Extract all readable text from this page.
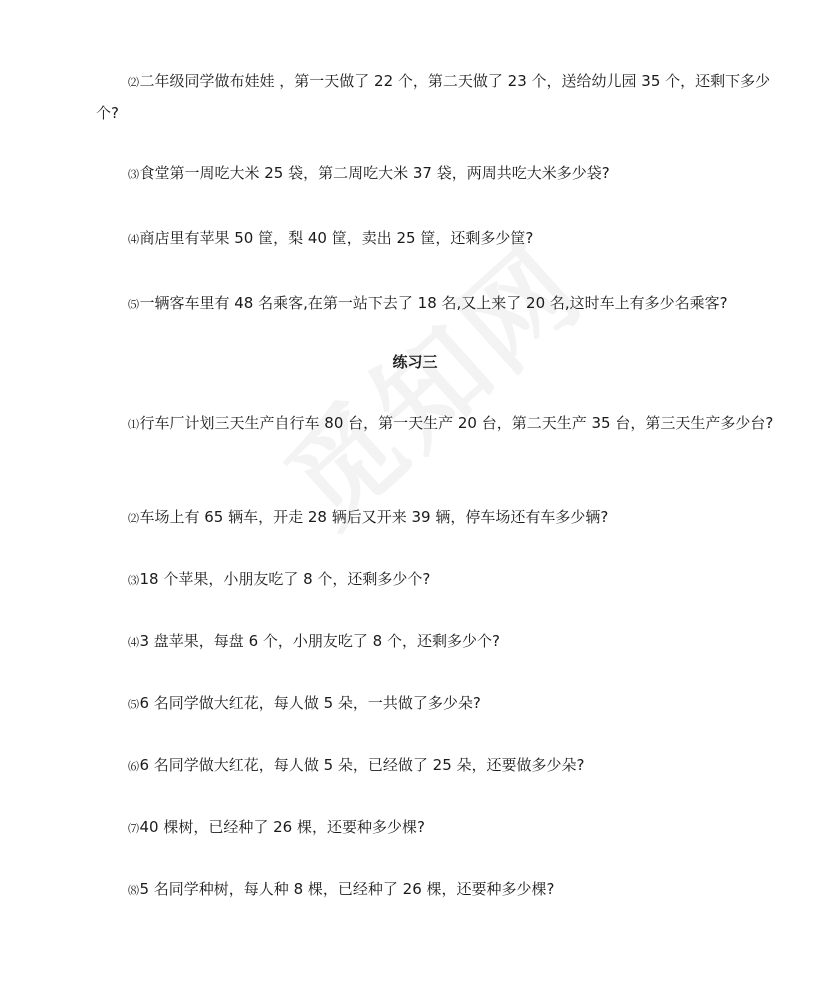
⑵二年级同学做布娃娃 ，第一天做了 22 个，第二天做了 23 个，送给幼儿园 35 个，还剩下多少个?

⑶食堂第一周吃大米 25 袋，第二周吃大米 37 袋，两周共吃大米多少袋?

⑷商店里有苹果 50 筐，梨 40 筐，卖出 25 筐，还剩多少筐?

⑸一辆客车里有 48 名乘客,在第一站下去了 18 名,又上来了 20 名,这时车上有多少名乘客?

练习三

⑴行车厂计划三天生产自行车 80 台，第一天生产 20 台，第二天生产 35 台，第三天生产多少台?

⑵车场上有 65 辆车，开走 28 辆后又开来 39 辆，停车场还有车多少辆?

⑶18 个苹果，小朋友吃了 8 个，还剩多少个?

⑷3 盘苹果，每盘 6 个，小朋友吃了 8 个，还剩多少个?

⑸6 名同学做大红花，每人做 5 朵，一共做了多少朵?

⑹6 名同学做大红花，每人做 5 朵，已经做了 25 朵，还要做多少朵?

⑺40 棵树，已经种了 26 棵，还要种多少棵?

⑻5 名同学种树，每人种 8 棵，已经种了 26 棵，还要种多少棵?
